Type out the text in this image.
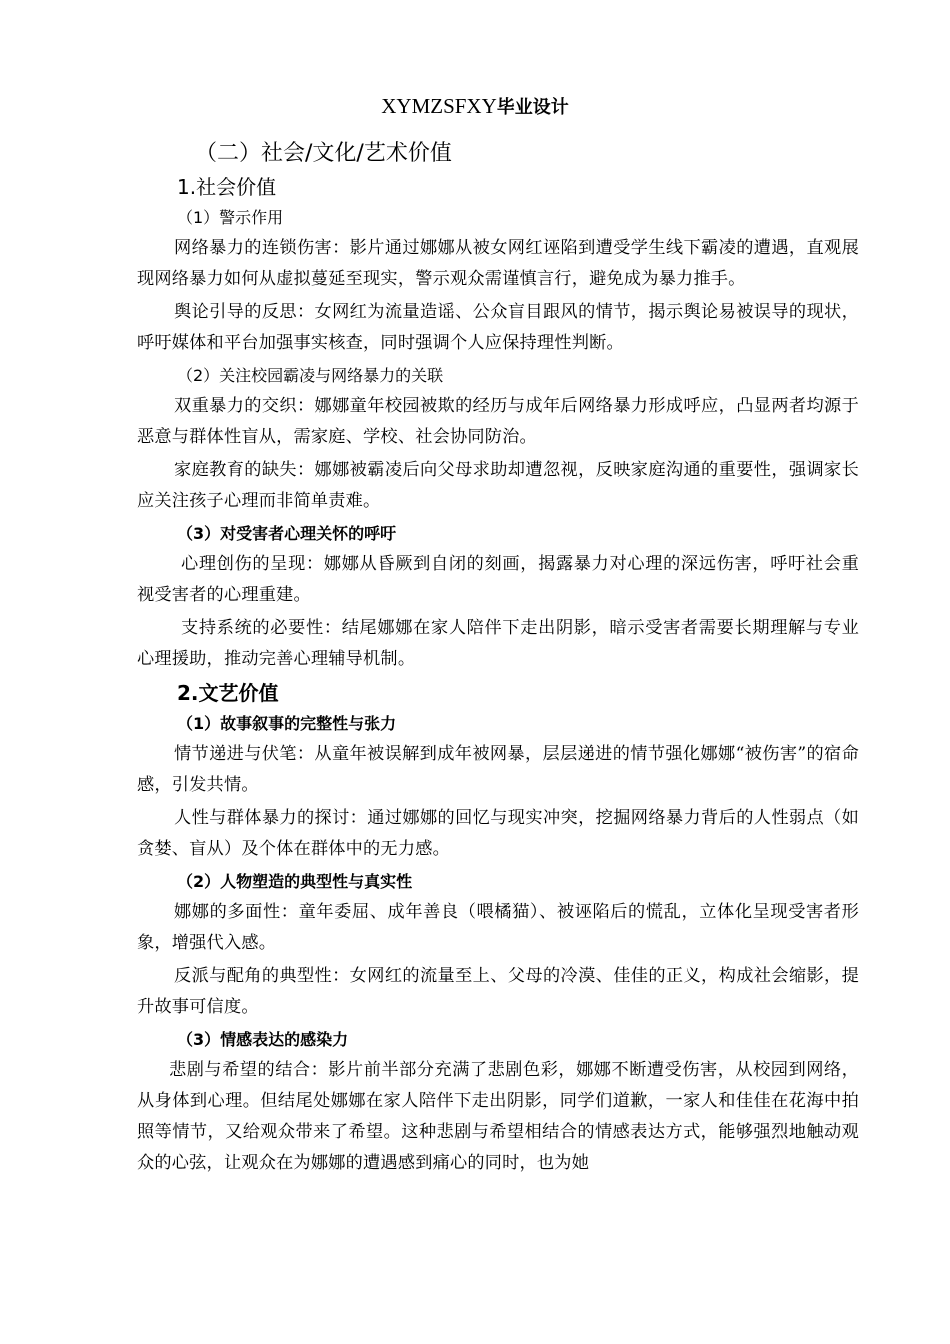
XYMZSFXY毕业设计
（二）社会/文化/艺术价值
1.社会价值
（1）警示作用

网络暴力的连锁伤害：影片通过娜娜从被女网红诬陷到遭受学生线下霸凌的遭遇，直观展现网络暴力如何从虚拟蔓延至现实，警示观众需谨慎言行，避免成为暴力推手。

舆论引导的反思：女网红为流量造谣、公众盲目跟风的情节，揭示舆论易被误导的现状，呼吁媒体和平台加强事实核查，同时强调个人应保持理性判断。

（2）关注校园霸凌与网络暴力的关联

双重暴力的交织：娜娜童年校园被欺的经历与成年后网络暴力形成呼应，凸显两者均源于恶意与群体性盲从，需家庭、学校、社会协同防治。

家庭教育的缺失：娜娜被霸凌后向父母求助却遭忽视，反映家庭沟通的重要性，强调家长应关注孩子心理而非简单责难。

（3）对受害者心理关怀的呼吁

心理创伤的呈现：娜娜从昏厥到自闭的刻画，揭露暴力对心理的深远伤害，呼吁社会重视受害者的心理重建。

支持系统的必要性：结尾娜娜在家人陪伴下走出阴影，暗示受害者需要长期理解与专业心理援助，推动完善心理辅导机制。

2.文艺价值
（1）故事叙事的完整性与张力

情节递进与伏笔：从童年被误解到成年被网暴，层层递进的情节强化娜娜“被伤害”的宿命感，引发共情。

人性与群体暴力的探讨：通过娜娜的回忆与现实冲突，挖掘网络暴力背后的人性弱点（如贪婪、盲从）及个体在群体中的无力感。

（2）人物塑造的典型性与真实性

娜娜的多面性：童年委屈、成年善良（喂橘猫）、被诬陷后的慌乱，立体化呈现受害者形象，增强代入感。

反派与配角的典型性：女网红的流量至上、父母的冷漠、佳佳的正义，构成社会缩影，提升故事可信度。

（3）情感表达的感染力

悲剧与希望的结合：影片前半部分充满了悲剧色彩，娜娜不断遭受伤害，从校园到网络，从身体到心理。但结尾处娜娜在家人陪伴下走出阴影，同学们道歉，一家人和佳佳在花海中拍照等情节，又给观众带来了希望。这种悲剧与希望相结合的情感表达方式，能够强烈地触动观众的心弦，让观众在为娜娜的遭遇感到痛心的同时，也为她
